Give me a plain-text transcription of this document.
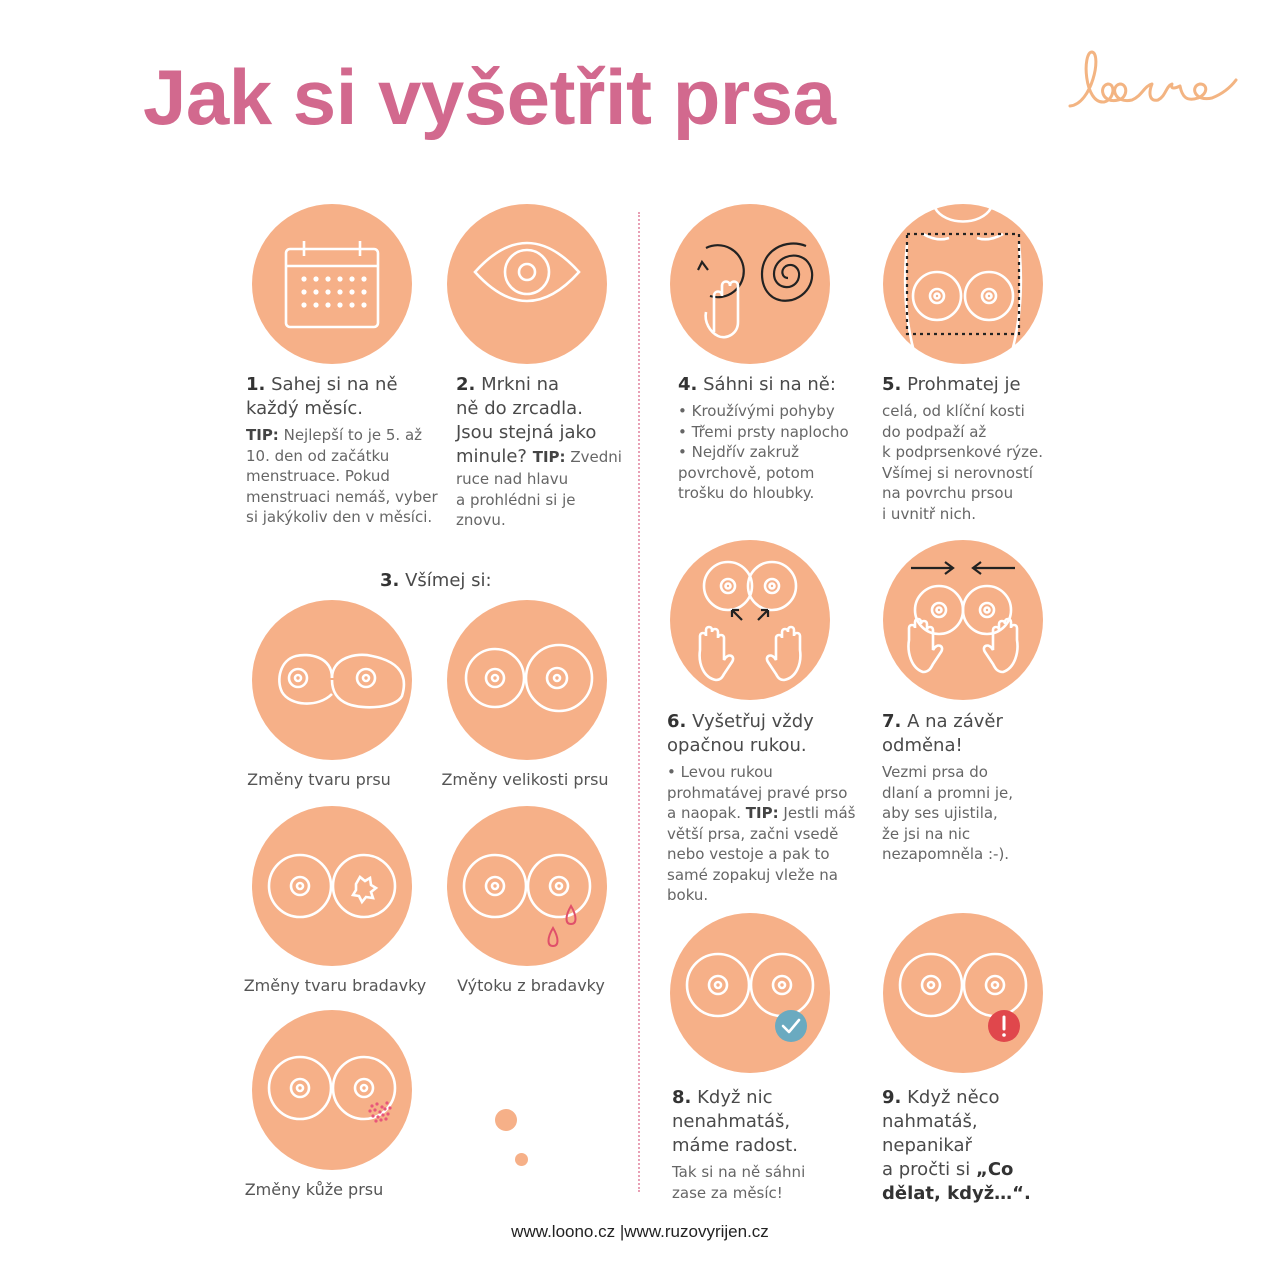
Jak si vyšetřit prsa
1. Sahej si na ně
každý měsíc.
TIP: Nejlepší to je 5. až
10. den od začátku
menstruace. Pokud
menstruaci nemáš, vyber
si jakýkoliv den v měsíci.
2. Mrkni na
ně do zrcadla.
Jsou stejná jako
minule? TIP: Zvedni
ruce nad hlavu
a prohlédni si je
znovu.
3. Všímej si:
Změny tvaru prsu	Změny velikosti prsu
Změny tvaru bradavky	Výtoku z bradavky
Změny kůže prsu
4. Sáhni si na ně:
• Kroužívými pohyby
• Třemi prsty naplocho
• Nejdřív zakruž
povrchově, potom
trošku do hloubky.
5. Prohmatej je
celá, od klíční kosti
do podpaží až
k podprsenkové rýze.
Všímej si nerovností
na povrchu prsou
i uvnitř nich.
6. Vyšetřuj vždy
opačnou rukou.
• Levou rukou
prohmatávej pravé prso
a naopak. TIP: Jestli máš
větší prsa, začni vsedě
nebo vestoje a pak to
samé zopakuj vleže na
boku.
7. A na závěr
odměna!
Vezmi prsa do
dlaní a promni je,
aby ses ujistila,
že jsi na nic
nezapomněla :-).
8. Když nic
nenahmatáš,
máme radost.
Tak si na ně sáhni
zase za měsíc!
9. Když něco
nahmatáš,
nepanikař
a pročti si „Co
dělat, když…“.
www.loono.cz |www.ruzovyrijen.cz
